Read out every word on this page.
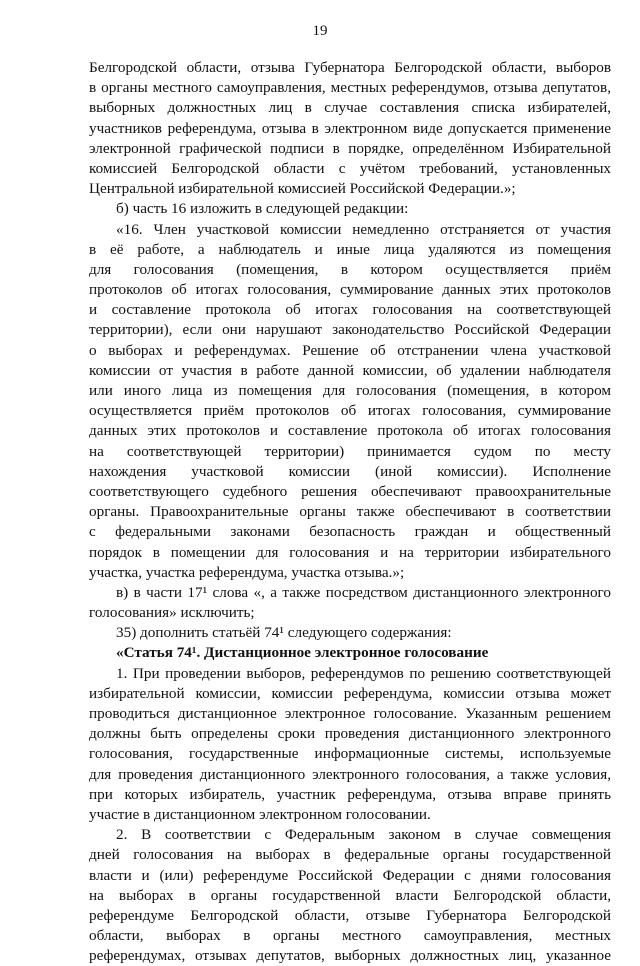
19
Белгородской области, отзыва Губернатора Белгородской области, выборов
в органы местного самоуправления, местных референдумов, отзыва депутатов,
выборных должностных лиц в случае составления списка избирателей,
участников референдума, отзыва в электронном виде допускается применение
электронной графической подписи в порядке, определённом Избирательной
комиссией Белгородской области с учётом требований, установленных
Центральной избирательной комиссией Российской Федерации.»;
б) часть 16 изложить в следующей редакции:
«16. Член участковой комиссии немедленно отстраняется от участия
в её работе, а наблюдатель и иные лица удаляются из помещения
для голосования (помещения, в котором осуществляется приём
протоколов об итогах голосования, суммирование данных этих протоколов
и составление протокола об итогах голосования на соответствующей
территории), если они нарушают законодательство Российской Федерации
о выборах и референдумах. Решение об отстранении члена участковой
комиссии от участия в работе данной комиссии, об удалении наблюдателя
или иного лица из помещения для голосования (помещения, в котором
осуществляется приём протоколов об итогах голосования, суммирование
данных этих протоколов и составление протокола об итогах голосования
на соответствующей территории) принимается судом по месту
нахождения участковой комиссии (иной комиссии). Исполнение
соответствующего судебного решения обеспечивают правоохранительные
органы. Правоохранительные органы также обеспечивают в соответствии
с федеральными законами безопасность граждан и общественный
порядок в помещении для голосования и на территории избирательного
участка, участка референдума, участка отзыва.»;
в) в части 17¹ слова «, а также посредством дистанционного электронного
голосования» исключить;
35) дополнить статьёй 74¹ следующего содержания:
«Статья 74¹. Дистанционное электронное голосование
1. При проведении выборов, референдумов по решению соответствующей
избирательной комиссии, комиссии референдума, комиссии отзыва может
проводиться дистанционное электронное голосование. Указанным решением
должны быть определены сроки проведения дистанционного электронного
голосования, государственные информационные системы, используемые
для проведения дистанционного электронного голосования, а также условия,
при которых избиратель, участник референдума, отзыва вправе принять
участие в дистанционном электронном голосовании.
2. В соответствии с Федеральным законом в случае совмещения
дней голосования на выборах в федеральные органы государственной
власти и (или) референдуме Российской Федерации с днями голосования
на выборах в органы государственной власти Белгородской области,
референдуме Белгородской области, отзыве Губернатора Белгородской
области, выборах в органы местного самоуправления, местных
референдумах, отзывах депутатов, выборных должностных лиц, указанное
